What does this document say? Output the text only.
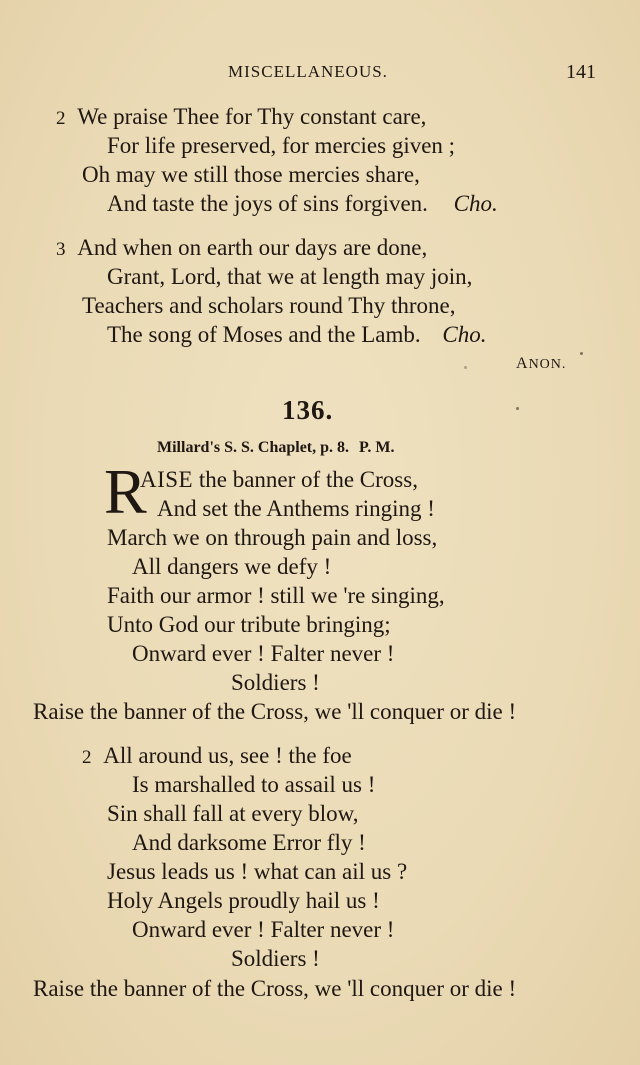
MISCELLANEOUS.	141
2 We praise Thee for Thy constant care,
For life preserved, for mercies given ;
Oh may we still those mercies share,
And taste the joys of sins forgiven. Cho.
3 And when on earth our days are done,
Grant, Lord, that we at length may join,
Teachers and scholars round Thy throne,
The song of Moses and the Lamb. Cho.
ANON.
136.
Millard's S. S. Chaplet, p. 8. P. M.
R
AISE the banner of the Cross,
And set the Anthems ringing !
March we on through pain and loss,
All dangers we defy !
Faith our armor ! still we 're singing,
Unto God our tribute bringing;
Onward ever ! Falter never !
Soldiers !
Raise the banner of the Cross, we 'll conquer or die !
2 All around us, see ! the foe
Is marshalled to assail us !
Sin shall fall at every blow,
And darksome Error fly !
Jesus leads us ! what can ail us ?
Holy Angels proudly hail us !
Onward ever ! Falter never !
Soldiers !
Raise the banner of the Cross, we 'll conquer or die !
